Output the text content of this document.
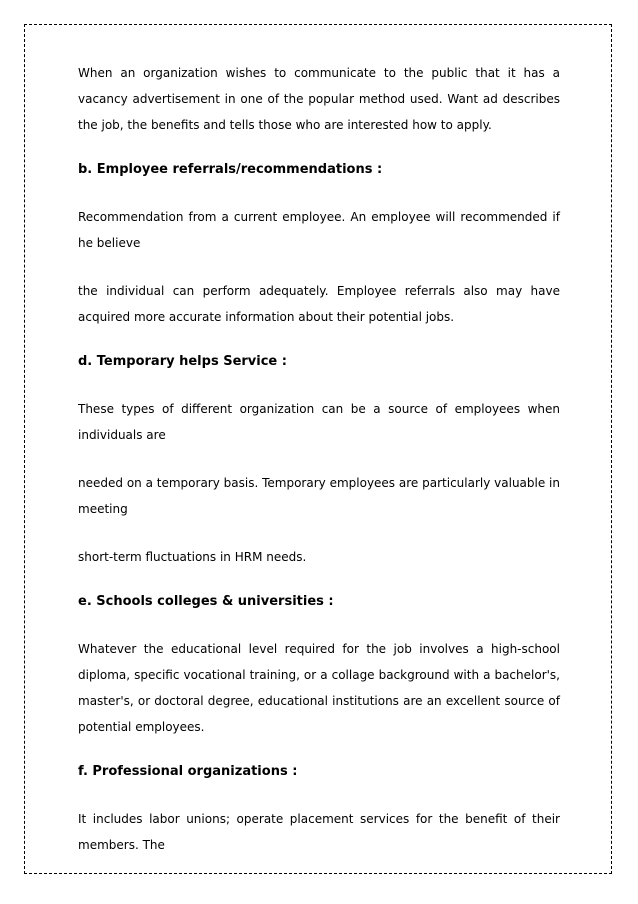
When an organization wishes to communicate to the public that it has a vacancy advertisement in one of the popular method used. Want ad describes the job, the benefits and tells those who are interested how to apply.

b. Employee referrals/recommendations :

Recommendation from a current employee. An employee will recommended if he believe

the individual can perform adequately. Employee referrals also may have acquired more accurate information about their potential jobs.

d. Temporary helps Service :

These types of different organization can be a source of employees when individuals are

needed on a temporary basis. Temporary employees are particularly valuable in meeting

short-term fluctuations in HRM needs.

e. Schools colleges & universities :

Whatever the educational level required for the job involves a high-school diploma, specific vocational training, or a collage background with a bachelor's, master's, or doctoral degree, educational institutions are an excellent source of potential employees.

f. Professional organizations :

It includes labor unions; operate placement services for the benefit of their members. The
